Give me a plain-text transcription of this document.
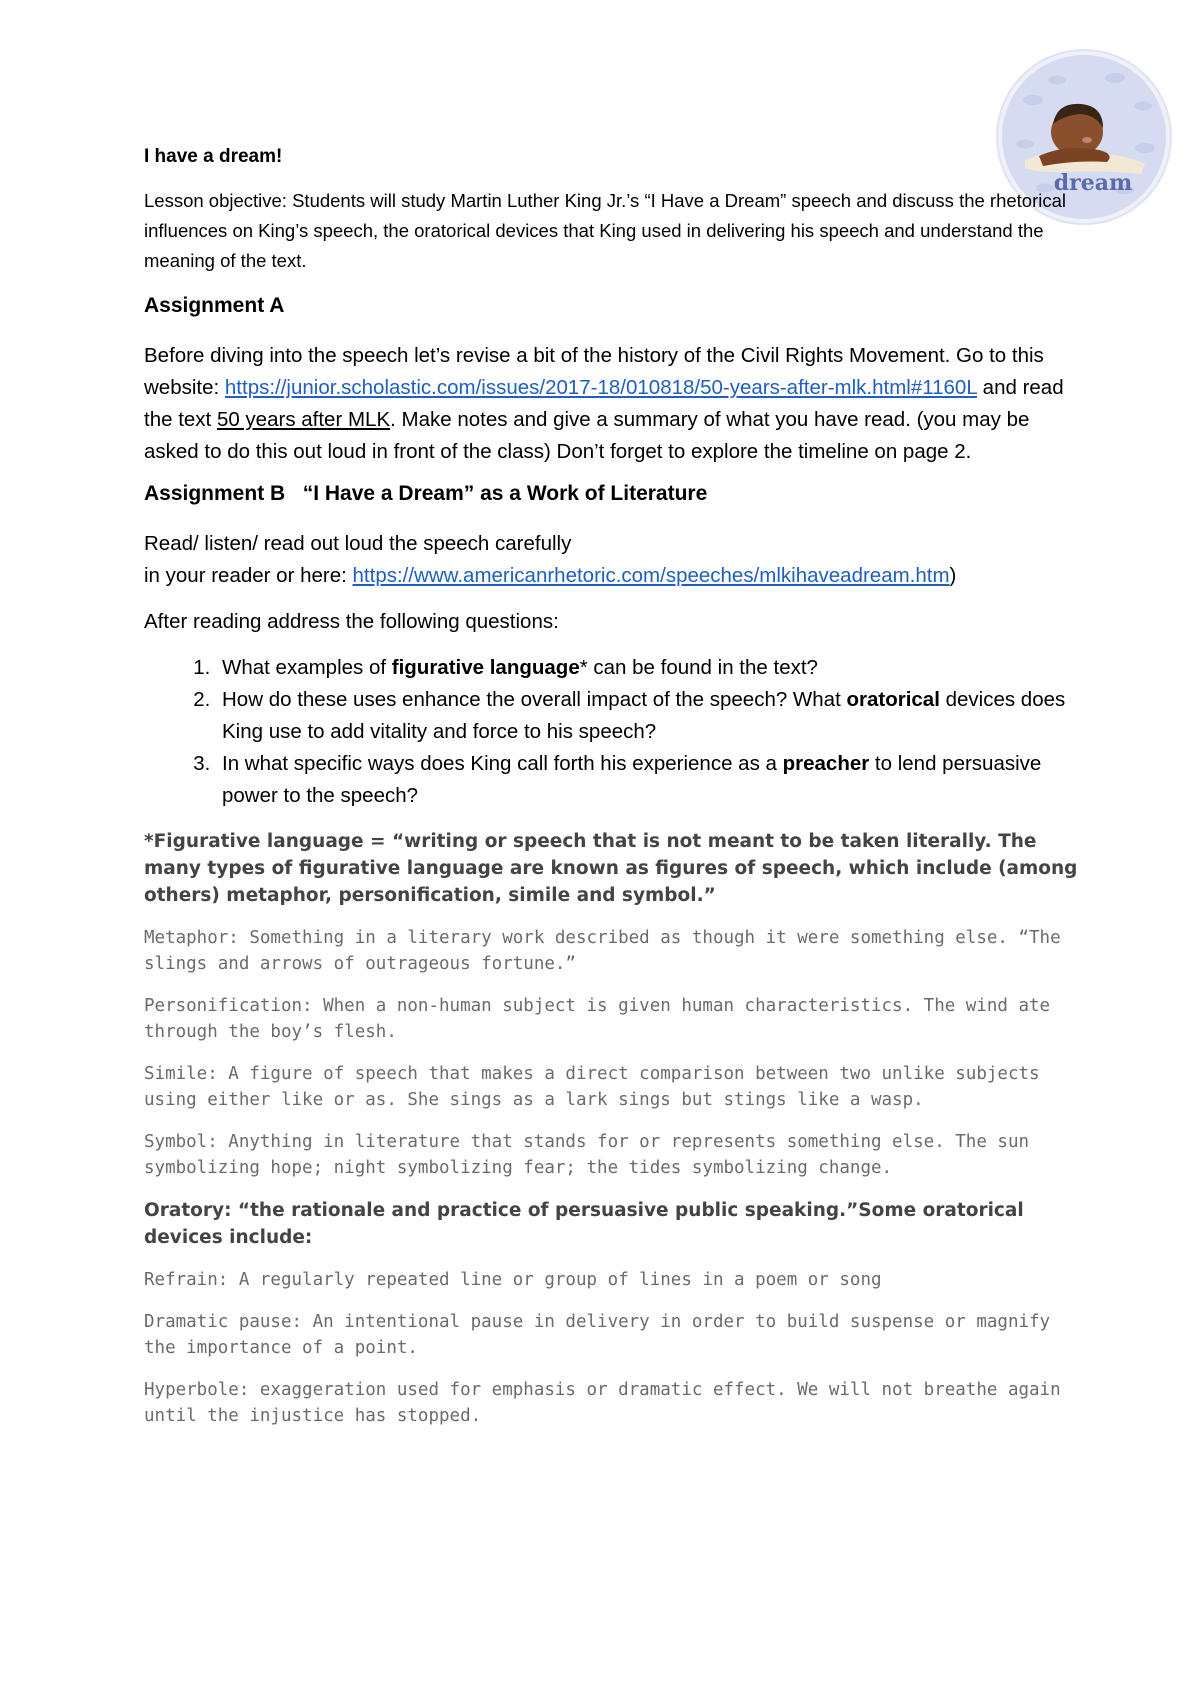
dream
I have a dream!

Lesson objective: Students will study Martin Luther King Jr.’s “I Have a Dream” speech and discuss the rhetorical influences on King’s speech, the oratorical devices that King used in delivering his speech and understand the meaning of the text.

Assignment A

Before diving into the speech let’s revise a bit of the history of the Civil Rights Movement. Go to this website: https://junior.scholastic.com/issues/2017-18/010818/50-years-after-mlk.html#1160L and read the text 50 years after MLK. Make notes and give a summary of what you have read. (you may be asked to do this out loud in front of the class) Don’t forget to explore the timeline on page 2.

Assignment B   “I Have a Dream” as a Work of Literature

Read/ listen/ read out loud the speech carefully
in your reader or here: https://www.americanrhetoric.com/speeches/mlkihaveadream.htm)

After reading address the following questions:

1. What examples of figurative language* can be found in the text?
2. How do these uses enhance the overall impact of the speech? What oratorical devices does King use to add vitality and force to his speech?
3. In what specific ways does King call forth his experience as a preacher to lend persuasive power to the speech?

*Figurative language = “writing or speech that is not meant to be taken literally. The many types of figurative language are known as figures of speech, which include (among others) metaphor, personification, simile and symbol.”

Metaphor: Something in a literary work described as though it were something else. “The slings and arrows of outrageous fortune.”

Personification: When a non-human subject is given human characteristics. The wind ate through the boy’s flesh.

Simile: A figure of speech that makes a direct comparison between two unlike subjects using either like or as. She sings as a lark sings but stings like a wasp.

Symbol: Anything in literature that stands for or represents something else. The sun symbolizing hope; night symbolizing fear; the tides symbolizing change.

Oratory: “the rationale and practice of persuasive public speaking.”Some oratorical devices include:

Refrain: A regularly repeated line or group of lines in a poem or song

Dramatic pause: An intentional pause in delivery in order to build suspense or magnify the importance of a point.

Hyperbole: exaggeration used for emphasis or dramatic effect. We will not breathe again until the injustice has stopped.
